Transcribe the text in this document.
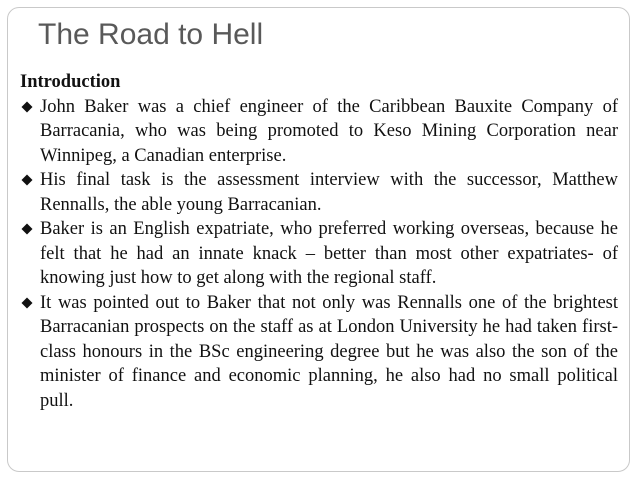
The Road to Hell
Introduction
John Baker was a chief engineer of the Caribbean Bauxite Company of Barracania, who was being promoted to Keso Mining Corporation near Winnipeg, a Canadian enterprise.
His final task is the assessment interview with the successor, Matthew Rennalls, the able young Barracanian.
Baker is an English expatriate, who preferred working overseas, because he felt that he had an innate knack – better than most other expatriates- of knowing just how to get along with the regional staff.
It was pointed out to Baker that not only was Rennalls one of the brightest Barracanian prospects on the staff as at London University he had taken first-class honours in the BSc engineering degree but he was also the son of the minister of finance and economic planning, he also had no small political pull.
